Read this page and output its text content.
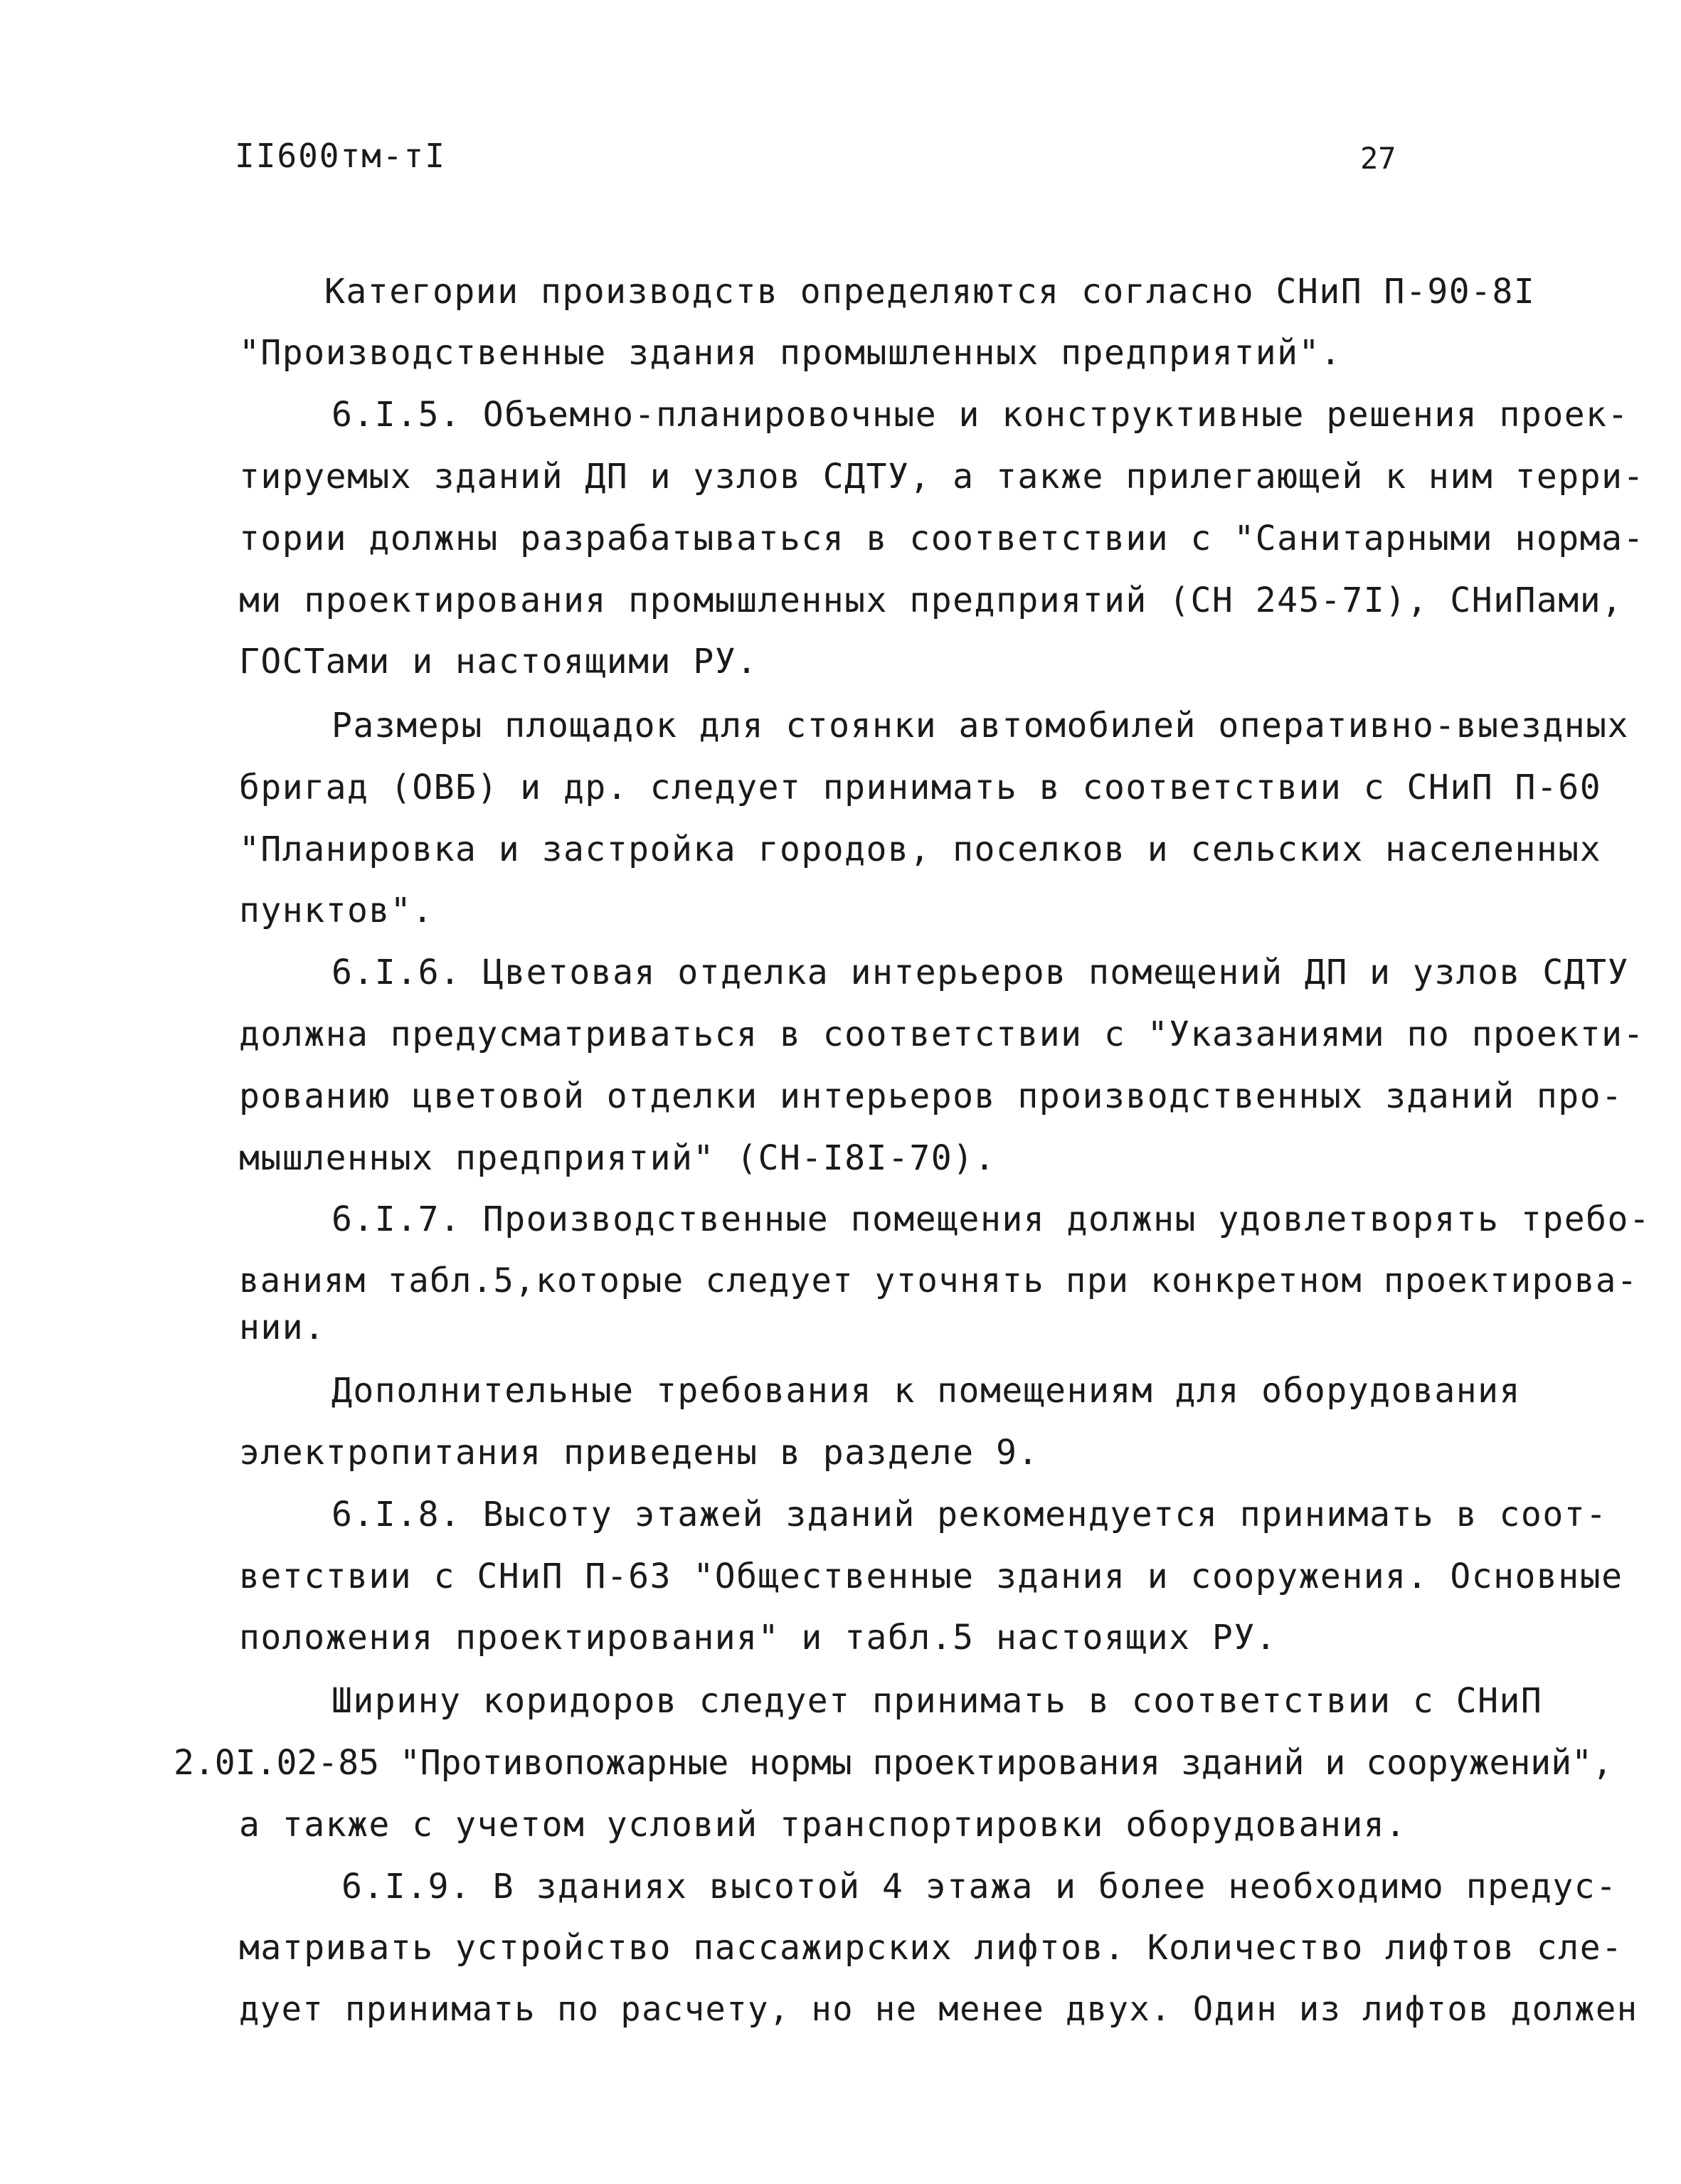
II600тм-тI	27
Категории производств определяются согласно СНиП П-90-8I
"Производственные здания промышленных предприятий".
6.I.5. Объемно-планировочные и конструктивные решения проек-
тируемых зданий ДП и узлов СДТУ, а также прилегающей к ним терри-
тории должны разрабатываться в соответствии с "Санитарными норма-
ми проектирования промышленных предприятий (СН 245-7I), СНиПами,
ГОСТами и настоящими РУ.
Размеры площадок для стоянки автомобилей оперативно-выездных
бригад (ОВБ) и др. следует принимать в соответствии с СНиП П-60
"Планировка и застройка городов, поселков и сельских населенных
пунктов".
6.I.6. Цветовая отделка интерьеров помещений ДП и узлов СДТУ
должна предусматриваться в соответствии с "Указаниями по проекти-
рованию цветовой отделки интерьеров производственных зданий про-
мышленных предприятий" (СН-I8I-70).
6.I.7. Производственные помещения должны удовлетворять требо-
ваниям табл.5,которые следует уточнять при конкретном проектирова-
нии.
Дополнительные требования к помещениям для оборудования
электропитания приведены в разделе 9.
6.I.8. Высоту этажей зданий рекомендуется принимать в соот-
ветствии с СНиП П-63 "Общественные здания и сооружения. Основные
положения проектирования" и табл.5 настоящих РУ.
Ширину коридоров следует принимать в соответствии с СНиП
2.0I.02-85 "Противопожарные нормы проектирования зданий и сооружений",
а также с учетом условий транспортировки оборудования.
6.I.9. В зданиях высотой 4 этажа и более необходимо предус-
матривать устройство пассажирских лифтов. Количество лифтов сле-
дует принимать по расчету, но не менее двух. Один из лифтов должен
